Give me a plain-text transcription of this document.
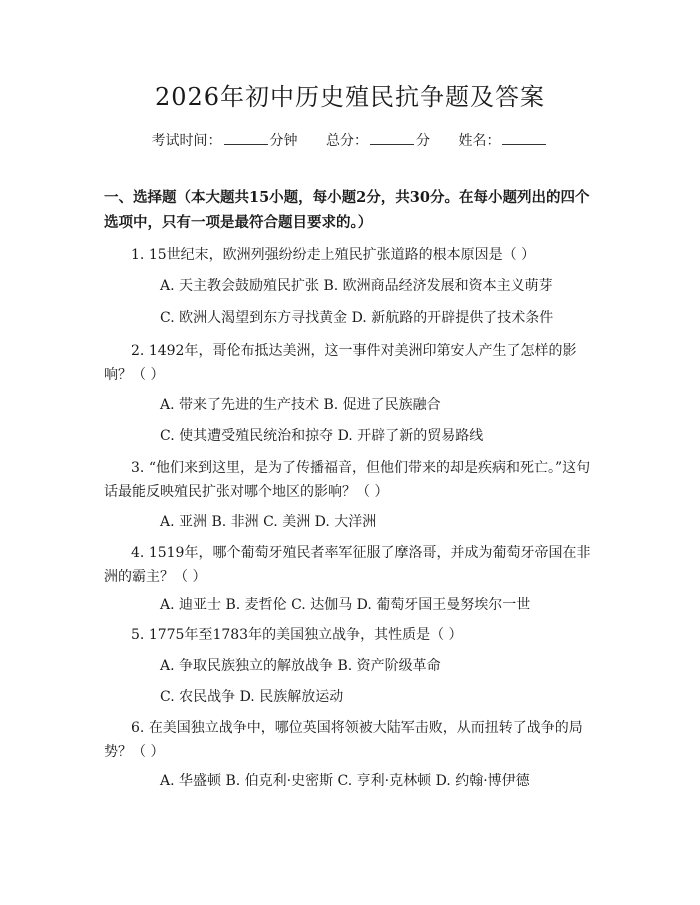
2026年初中历史殖民抗争题及答案
考试时间：	分钟 总分：	分 姓名：
一、选择题（本大题共15小题，每小题2分，共30分。在每小题列出的四个选项中，只有一项是最符合题目要求的。）
1. 15世纪末，欧洲列强纷纷走上殖民扩张道路的根本原因是（ ）
A. 天主教会鼓励殖民扩张 B. 欧洲商品经济发展和资本主义萌芽
C. 欧洲人渴望到东方寻找黄金 D. 新航路的开辟提供了技术条件
2. 1492年，哥伦布抵达美洲，这一事件对美洲印第安人产生了怎样的影响？（ ）
A. 带来了先进的生产技术 B. 促进了民族融合
C. 使其遭受殖民统治和掠夺 D. 开辟了新的贸易路线
3. “他们来到这里，是为了传播福音，但他们带来的却是疾病和死亡。”这句话最能反映殖民扩张对哪个地区的影响？（ ）
A. 亚洲 B. 非洲 C. 美洲 D. 大洋洲
4. 1519年，哪个葡萄牙殖民者率军征服了摩洛哥，并成为葡萄牙帝国在非洲的霸主？（ ）
A. 迪亚士 B. 麦哲伦 C. 达伽马 D. 葡萄牙国王曼努埃尔一世
5. 1775年至1783年的美国独立战争，其性质是（ ）
A. 争取民族独立的解放战争 B. 资产阶级革命
C. 农民战争 D. 民族解放运动
6. 在美国独立战争中，哪位英国将领被大陆军击败，从而扭转了战争的局势？（ ）
A. 华盛顿 B. 伯克利·史密斯 C. 亨利·克林顿 D. 约翰·博伊德
